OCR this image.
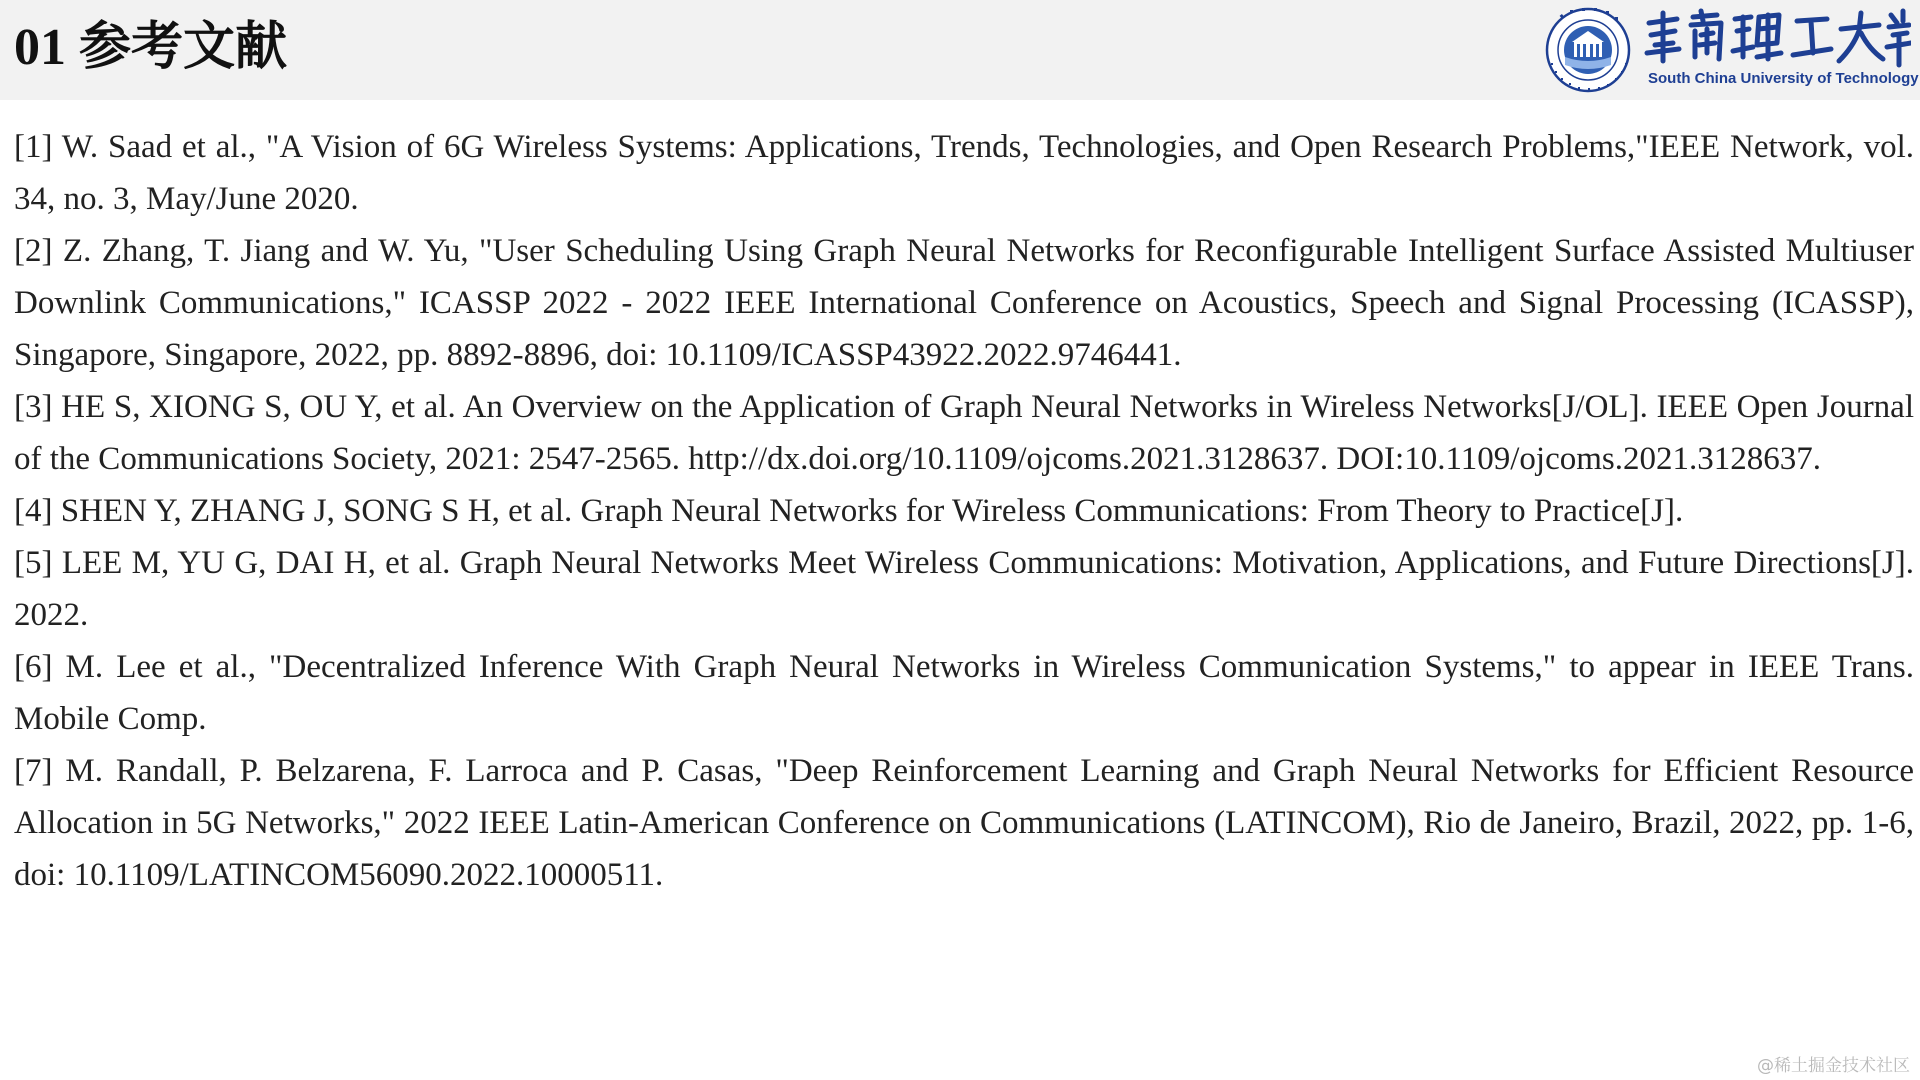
01 参考文献
South China University of Technology
[1] W. Saad et al., "A Vision of 6G Wireless Systems: Applications, Trends, Technologies, and Open Research Problems,"IEEE Network, vol. 34, no. 3, May/June 2020.
[2] Z. Zhang, T. Jiang and W. Yu, "User Scheduling Using Graph Neural Networks for Reconfigurable Intelligent Surface Assisted Multiuser Downlink Communications," ICASSP 2022 - 2022 IEEE International Conference on Acoustics, Speech and Signal Processing (ICASSP), Singapore, Singapore, 2022, pp. 8892-8896, doi: 10.1109/ICASSP43922.2022.9746441.
[3] HE S, XIONG S, OU Y, et al. An Overview on the Application of Graph Neural Networks in Wireless Networks[J/OL]. IEEE Open Journal of the Communications Society, 2021: 2547-2565. http://dx.doi.org/10.1109/ojcoms.2021.3128637. DOI:10.1109/ojcoms.2021.3128637.
[4] SHEN Y, ZHANG J, SONG S H, et al. Graph Neural Networks for Wireless Communications: From Theory to Practice[J].
[5] LEE M, YU G, DAI H, et al. Graph Neural Networks Meet Wireless Communications: Motivation, Applications, and Future Directions[J]. 2022.
[6] M. Lee et al., "Decentralized Inference With Graph Neural Networks in Wireless Communication Systems," to appear in IEEE Trans. Mobile Comp.
[7] M. Randall, P. Belzarena, F. Larroca and P. Casas, "Deep Reinforcement Learning and Graph Neural Networks for Efficient Resource Allocation in 5G Networks," 2022 IEEE Latin-American Conference on Communications (LATINCOM), Rio de Janeiro, Brazil, 2022, pp. 1-6, doi: 10.1109/LATINCOM56090.2022.10000511.
@稀土掘金技术社区
